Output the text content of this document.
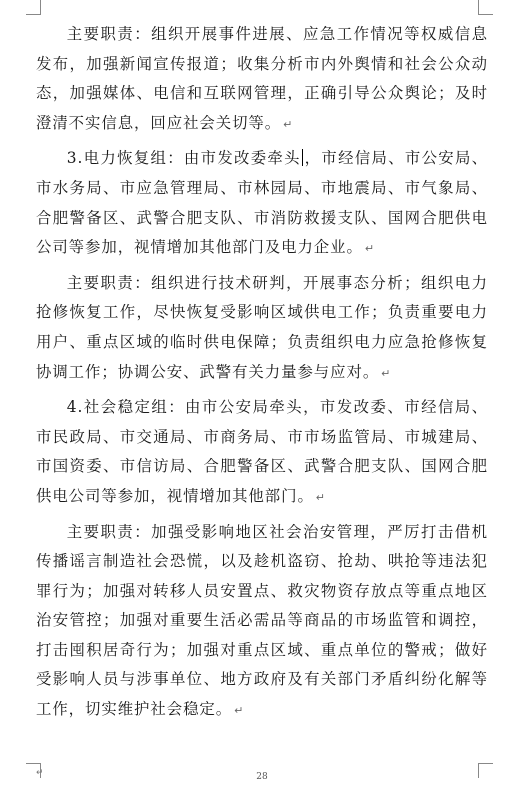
主要职责：组织开展事件进展、应急工作情况等权威信息发布，加强新闻宣传报道；收集分析市内外舆情和社会公众动态，加强媒体、电信和互联网管理，正确引导公众舆论；及时澄清不实信息，回应社会关切等。 ↵

3.电力恢复组：由市发改委牵头 ，市经信局、市公安局、市水务局、市应急管理局、市林园局、市地震局、市气象局、合肥警备区、武警合肥支队、市消防救援支队、国网合肥供电公司等参加，视情增加其他部门及电力企业。 ↵

主要职责：组织进行技术研判，开展事态分析；组织电力抢修恢复工作，尽快恢复受影响区域供电工作；负责重要电力用户、重点区域的临时供电保障；负责组织电力应急抢修恢复协调工作；协调公安、武警有关力量参与应对。 ↵

4.社会稳定组：由市公安局牵头，市发改委、市经信局、市民政局、市交通局、市商务局、市市场监管局、市城建局、市国资委、市信访局、合肥警备区、武警合肥支队、国网合肥供电公司等参加，视情增加其他部门。 ↵

主要职责：加强受影响地区社会治安管理，严厉打击借机传播谣言制造社会恐慌，以及趁机盗窃、抢劫、哄抢等违法犯罪行为；加强对转移人员安置点、救灾物资存放点等重点地区治安管控；加强对重要生活必需品等商品的市场监管和调控，打击囤积居奇行为；加强对重点区域、重点单位的警戒；做好受影响人员与涉事单位、地方政府及有关部门矛盾纠纷化解等工作，切实维护社会稳定。 ↵

↵	28
